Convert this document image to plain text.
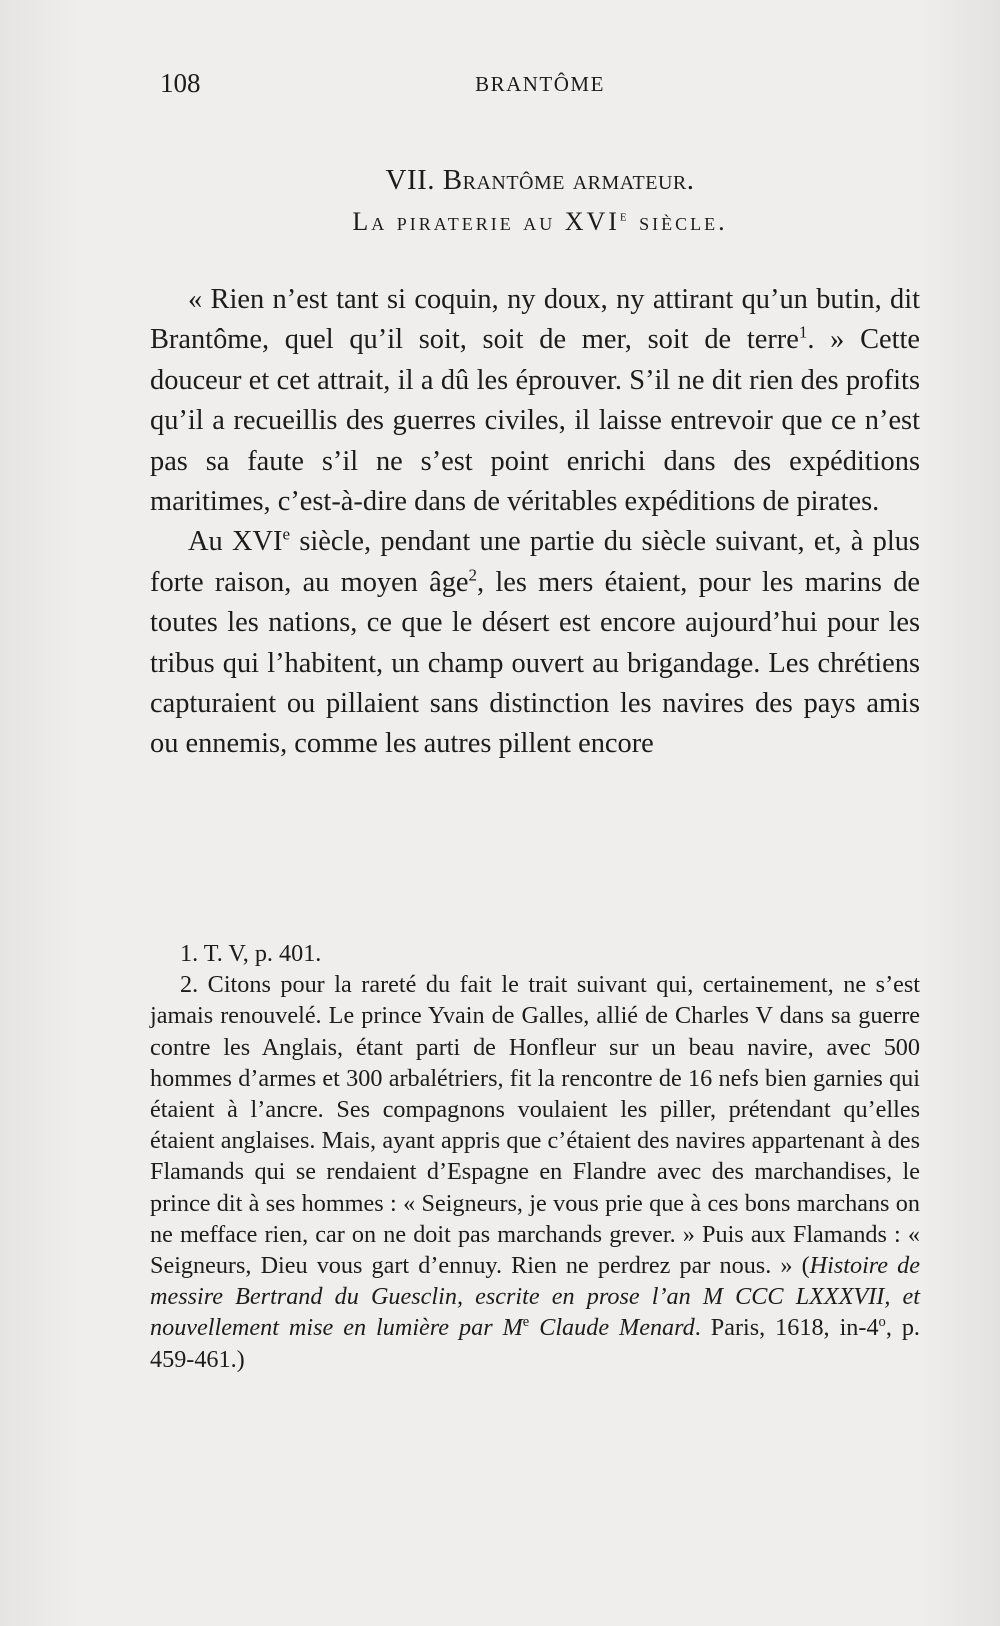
108	BRANTÔME
VII. Brantôme armateur.
La piraterie au XVIe siècle.

« Rien n’est tant si coquin, ny doux, ny attirant qu’un butin, dit Brantôme, quel qu’il soit, soit de mer, soit de terre$^1$. » Cette douceur et cet attrait, il a dû les éprouver. S’il ne dit rien des profits qu’il a recueillis des guerres civiles, il laisse entrevoir que ce n’est pas sa faute s’il ne s’est point enrichi dans des expéditions maritimes, c’est-à-dire dans de véritables expéditions de pirates.

Au XVIe siècle, pendant une partie du siècle suivant, et, à plus forte raison, au moyen âge$^2$, les mers étaient, pour les marins de toutes les nations, ce que le désert est encore aujourd’hui pour les tribus qui l’habitent, un champ ouvert au brigandage. Les chrétiens capturaient ou pillaient sans distinction les navires des pays amis ou ennemis, comme les autres pillent encore

1. T. V, p. 401.

2. Citons pour la rareté du fait le trait suivant qui, certainement, ne s’est jamais renouvelé. Le prince Yvain de Galles, allié de Charles V dans sa guerre contre les Anglais, étant parti de Honfleur sur un beau navire, avec 500 hommes d’armes et 300 arbalétriers, fit la rencontre de 16 nefs bien garnies qui étaient à l’ancre. Ses compagnons voulaient les piller, prétendant qu’elles étaient anglaises. Mais, ayant appris que c’étaient des navires appartenant à des Flamands qui se rendaient d’Espagne en Flandre avec des marchandises, le prince dit à ses hommes : « Seigneurs, je vous prie que à ces bons marchans on ne mefface rien, car on ne doit pas marchands grever. » Puis aux Flamands : « Seigneurs, Dieu vous gart d’ennuy. Rien ne perdrez par nous. » (Histoire de messire Bertrand du Guesclin, escrite en prose l’an M CCC LXXXVII, et nouvellement mise en lumière par Me Claude Menard. Paris, 1618, in-4$^o$, p. 459-461.)
